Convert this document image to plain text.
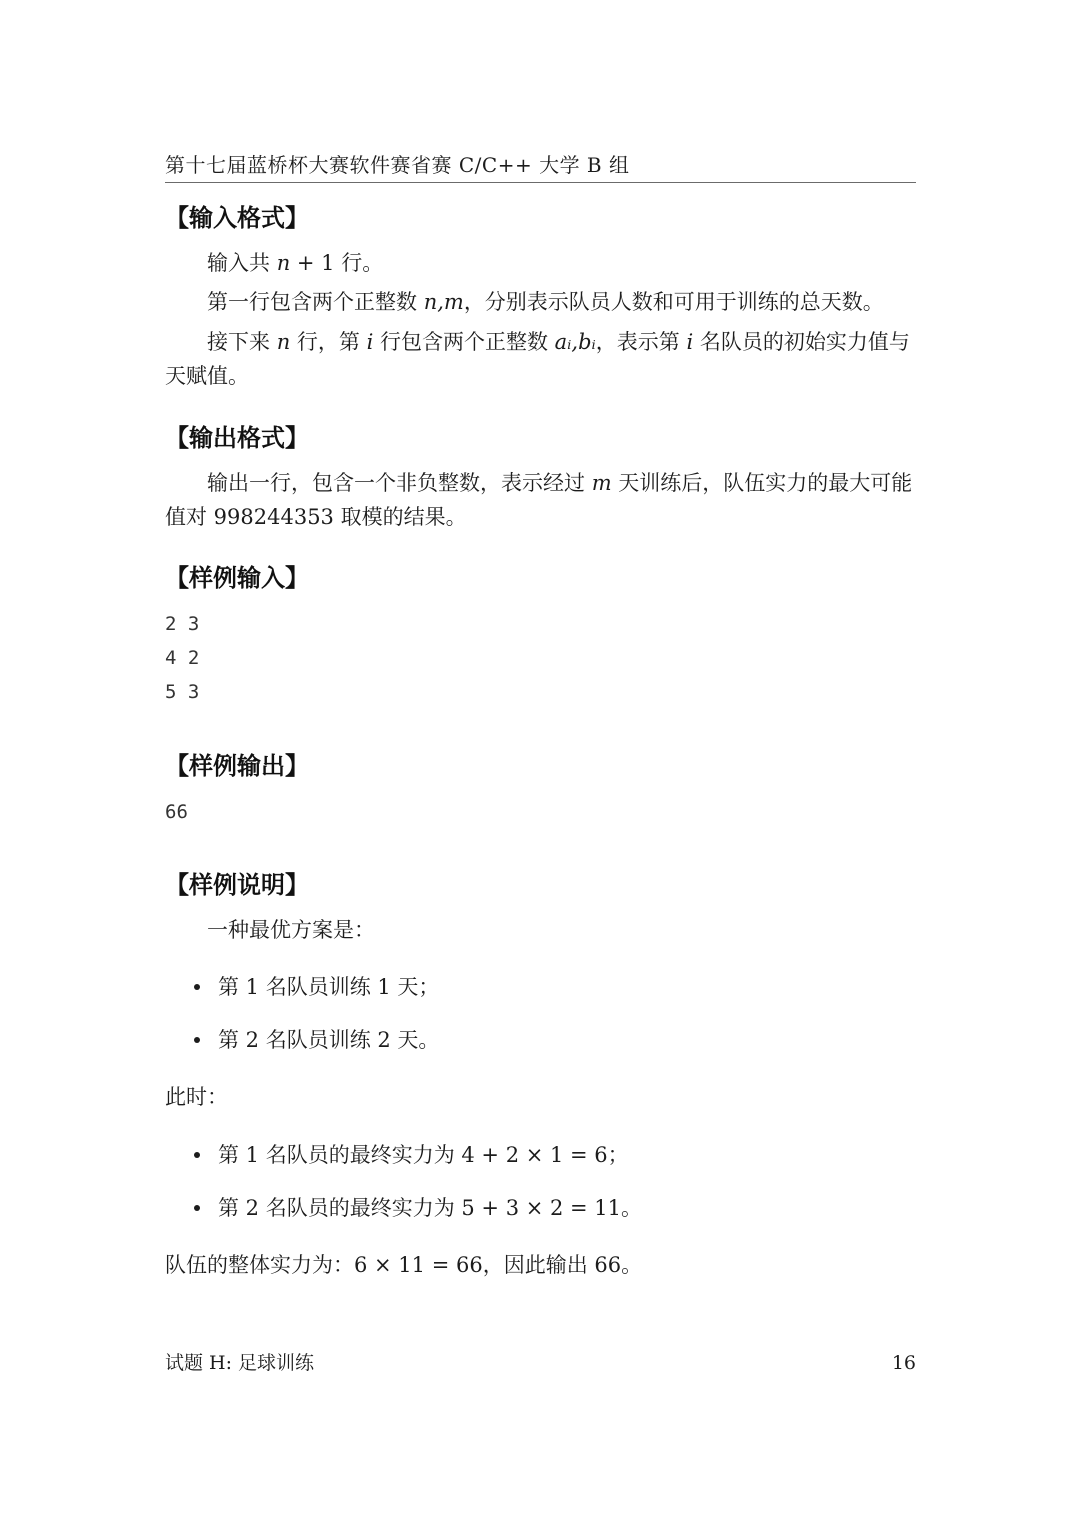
第十七届蓝桥杯大赛软件赛省赛 C/C++ 大学 B 组
【输入格式】
输入共 n + 1 行。
第一行包含两个正整数 n,m，分别表示队员人数和可用于训练的总天数。
接下来 n 行，第 i 行包含两个正整数 aᵢ,bᵢ，表示第 i 名队员的初始实力值与天赋值。
【输出格式】
输出一行，包含一个非负整数，表示经过 m 天训练后，队伍实力的最大可能值对 998244353 取模的结果。
【样例输入】
2 3
4 2
5 3
【样例输出】
66
【样例说明】
一种最优方案是：
第 1 名队员训练 1 天；
第 2 名队员训练 2 天。
此时：
第 1 名队员的最终实力为 4 + 2 × 1 = 6；
第 2 名队员的最终实力为 5 + 3 × 2 = 11。
队伍的整体实力为：6 × 11 = 66，因此输出 66。
试题 H: 足球训练	16
